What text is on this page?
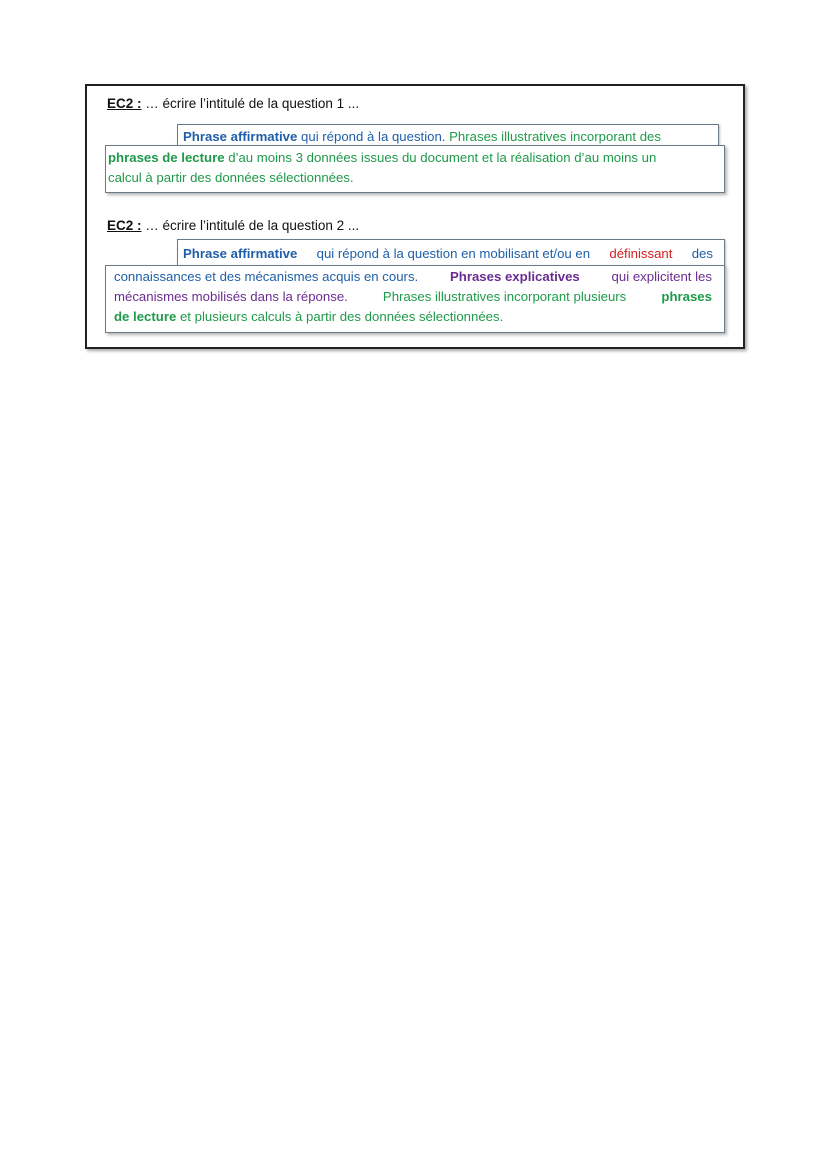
EC2 : … écrire l’intitulé de la question 1 ...
Phrase affirmative qui répond à la question. Phrases illustratives incorporant des
phrases de lecture d’au moins 3 données issues du document et la réalisation d’au moins un
calcul à partir des données sélectionnées.
EC2 : … écrire l’intitulé de la question 2 ...
Phrase affirmative qui répond à la question en mobilisant et/ou en définissant des
connaissances et des mécanismes acquis en cours. Phrases explicatives qui explicitent les
mécanismes mobilisés dans la réponse. Phrases illustratives incorporant plusieurs phrases
de lecture et plusieurs calculs à partir des données sélectionnées.
